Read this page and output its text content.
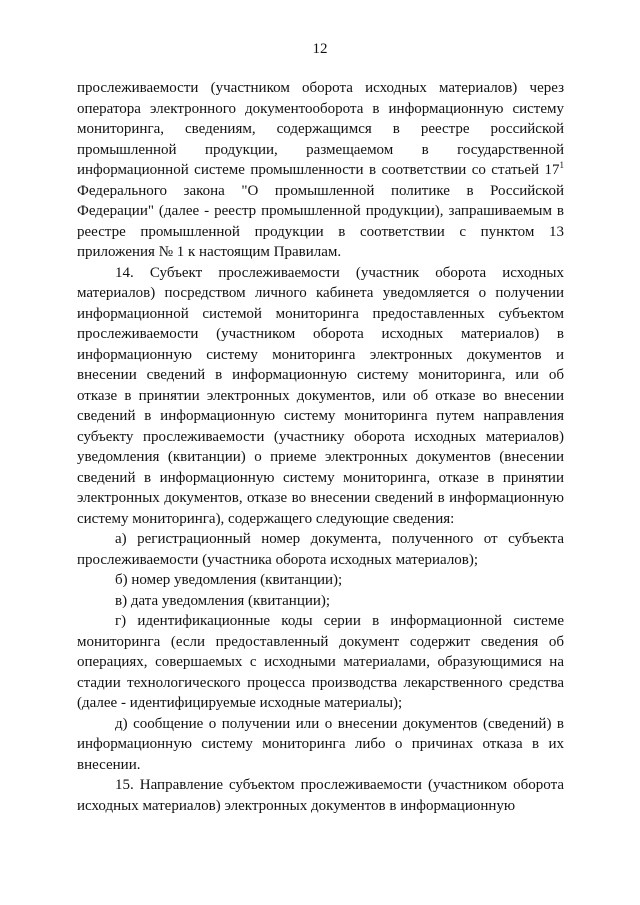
12

прослеживаемости (участником оборота исходных материалов) через оператора электронного документооборота в информационную систему мониторинга, сведениям, содержащимся в реестре российской промышленной продукции, размещаемом в государственной информационной системе промышленности в соответствии со статьей $17^1$ Федерального закона "О промышленной политике в Российской Федерации" (далее - реестр промышленной продукции), запрашиваемым в реестре промышленной продукции в соответствии с пунктом 13 приложения № 1 к настоящим Правилам.

14. Субъект прослеживаемости (участник оборота исходных материалов) посредством личного кабинета уведомляется о получении информационной системой мониторинга предоставленных субъектом прослеживаемости (участником оборота исходных материалов) в информационную систему мониторинга электронных документов и внесении сведений в информационную систему мониторинга, или об отказе в принятии электронных документов, или об отказе во внесении сведений в информационную систему мониторинга путем направления субъекту прослеживаемости (участнику оборота исходных материалов) уведомления (квитанции) о приеме электронных документов (внесении сведений в информационную систему мониторинга, отказе в принятии электронных документов, отказе во внесении сведений в информационную систему мониторинга), содержащего следующие сведения:

а) регистрационный номер документа, полученного от субъекта прослеживаемости (участника оборота исходных материалов);

б) номер уведомления (квитанции);

в) дата уведомления (квитанции);

г) идентификационные коды серии в информационной системе мониторинга (если предоставленный документ содержит сведения об операциях, совершаемых с исходными материалами, образующимися на стадии технологического процесса производства лекарственного средства (далее - идентифицируемые исходные материалы);

д) сообщение о получении или о внесении документов (сведений) в информационную систему мониторинга либо о причинах отказа в их внесении.

15. Направление субъектом прослеживаемости (участником оборота исходных материалов) электронных документов в информационную
